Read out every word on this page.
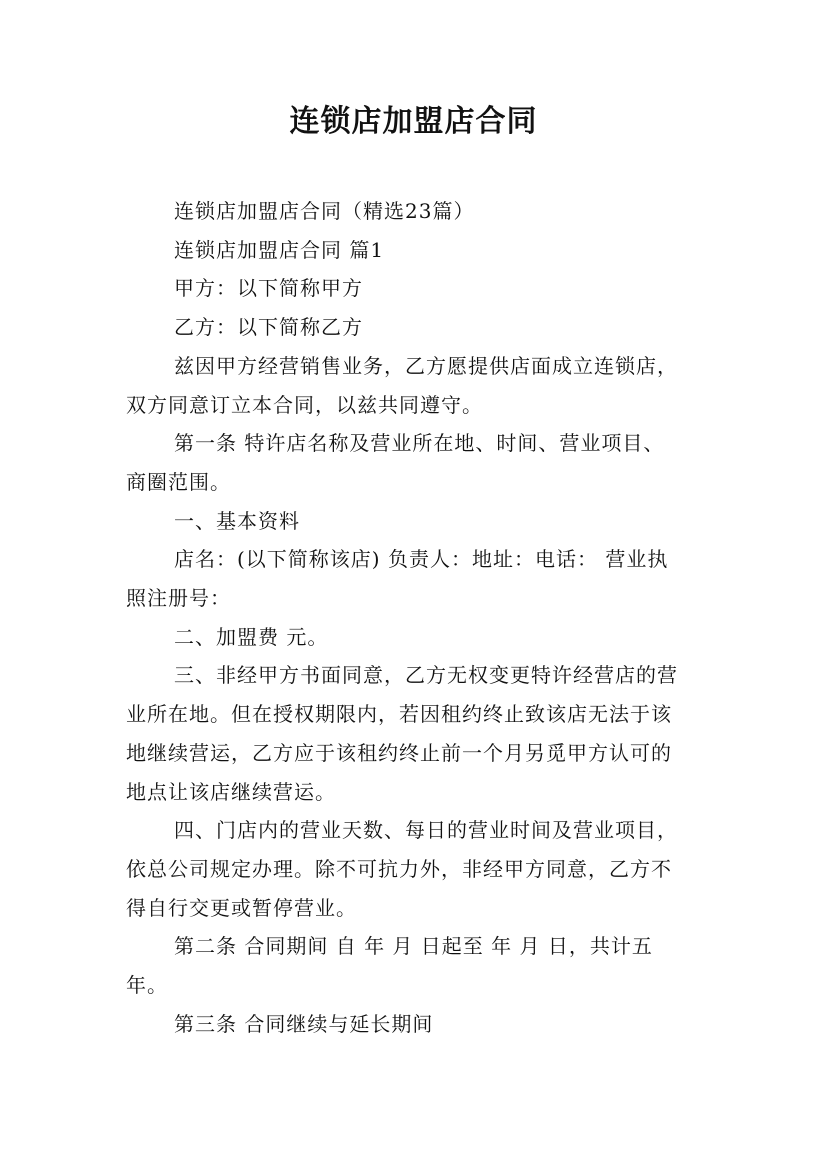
连锁店加盟店合同
连锁店加盟店合同（精选23篇）
连锁店加盟店合同 篇1
甲方：以下简称甲方
乙方：以下简称乙方
兹因甲方经营销售业务，乙方愿提供店面成立连锁店，
双方同意订立本合同，以兹共同遵守。
第一条 特许店名称及营业所在地、时间、营业项目、
商圈范围。
一、基本资料
店名：(以下简称该店) 负责人：地址：电话： 营业执
照注册号：
二、加盟费 元。
三、非经甲方书面同意，乙方无权变更特许经营店的营
业所在地。但在授权期限内，若因租约终止致该店无法于该
地继续营运，乙方应于该租约终止前一个月另觅甲方认可的
地点让该店继续营运。
四、门店内的营业天数、每日的营业时间及营业项目，
依总公司规定办理。除不可抗力外，非经甲方同意，乙方不
得自行交更或暂停营业。
第二条 合同期间 自 年 月 日起至 年 月 日，共计五
年。
第三条 合同继续与延长期间
